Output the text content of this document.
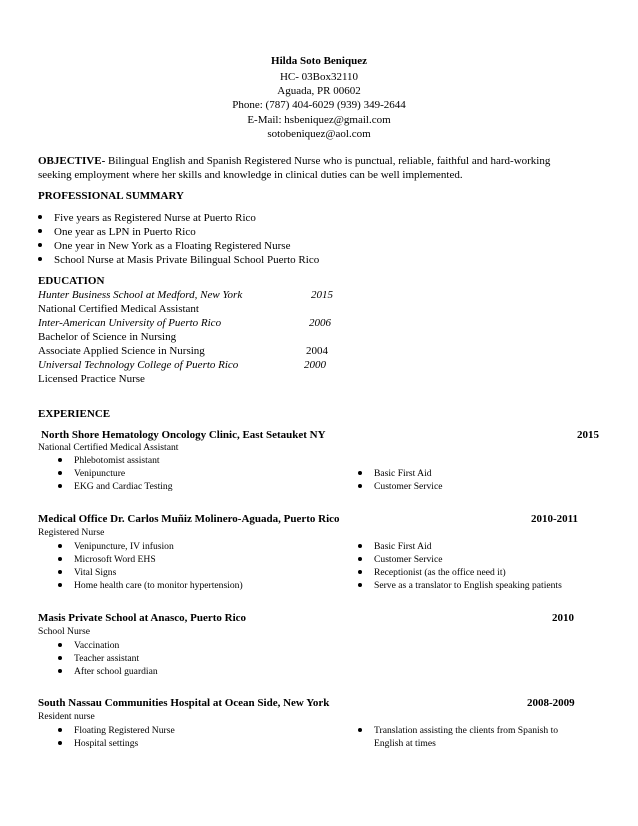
Hilda Soto Beniquez
HC- 03Box32110
Aguada, PR 00602
Phone: (787) 404-6029 (939) 349-2644
E-Mail: hsbeniquez@gmail.com
sotobeniquez@aol.com
OBJECTIVE- Bilingual English and Spanish Registered Nurse who is punctual, reliable, faithful and hard-working
seeking employment where her skills and knowledge in clinical duties can be well implemented.
PROFESSIONAL SUMMARY
Five years as Registered Nurse at Puerto Rico
One year as LPN in Puerto Rico
One year in New York as a Floating Registered Nurse
School Nurse at Masis Private Bilingual School Puerto Rico
EDUCATION
Hunter Business School at Medford, New York	2015
National Certified Medical Assistant
Inter-American University of Puerto Rico	2006
Bachelor of Science in Nursing
Associate Applied Science in Nursing	2004
Universal Technology College of Puerto Rico	2000
Licensed Practice Nurse
EXPERIENCE
North Shore Hematology Oncology Clinic, East Setauket NY	2015
National Certified Medical Assistant
Phlebotomist assistant
Venipuncture
EKG and Cardiac Testing
Basic First Aid
Customer Service
Medical Office Dr. Carlos Muñiz Molinero-Aguada, Puerto Rico	2010-2011
Registered Nurse
Venipuncture, IV infusion
Microsoft Word EHS
Vital Signs
Home health care (to monitor hypertension)
Basic First Aid
Customer Service
Receptionist (as the office need it)
Serve as a translator to English speaking patients
Masis Private School at Anasco, Puerto Rico	2010
School Nurse
Vaccination
Teacher assistant
After school guardian
South Nassau Communities Hospital at Ocean Side, New York	2008-2009
Resident nurse
Floating Registered Nurse
Hospital settings
Translation assisting the clients from Spanish to
English at times
